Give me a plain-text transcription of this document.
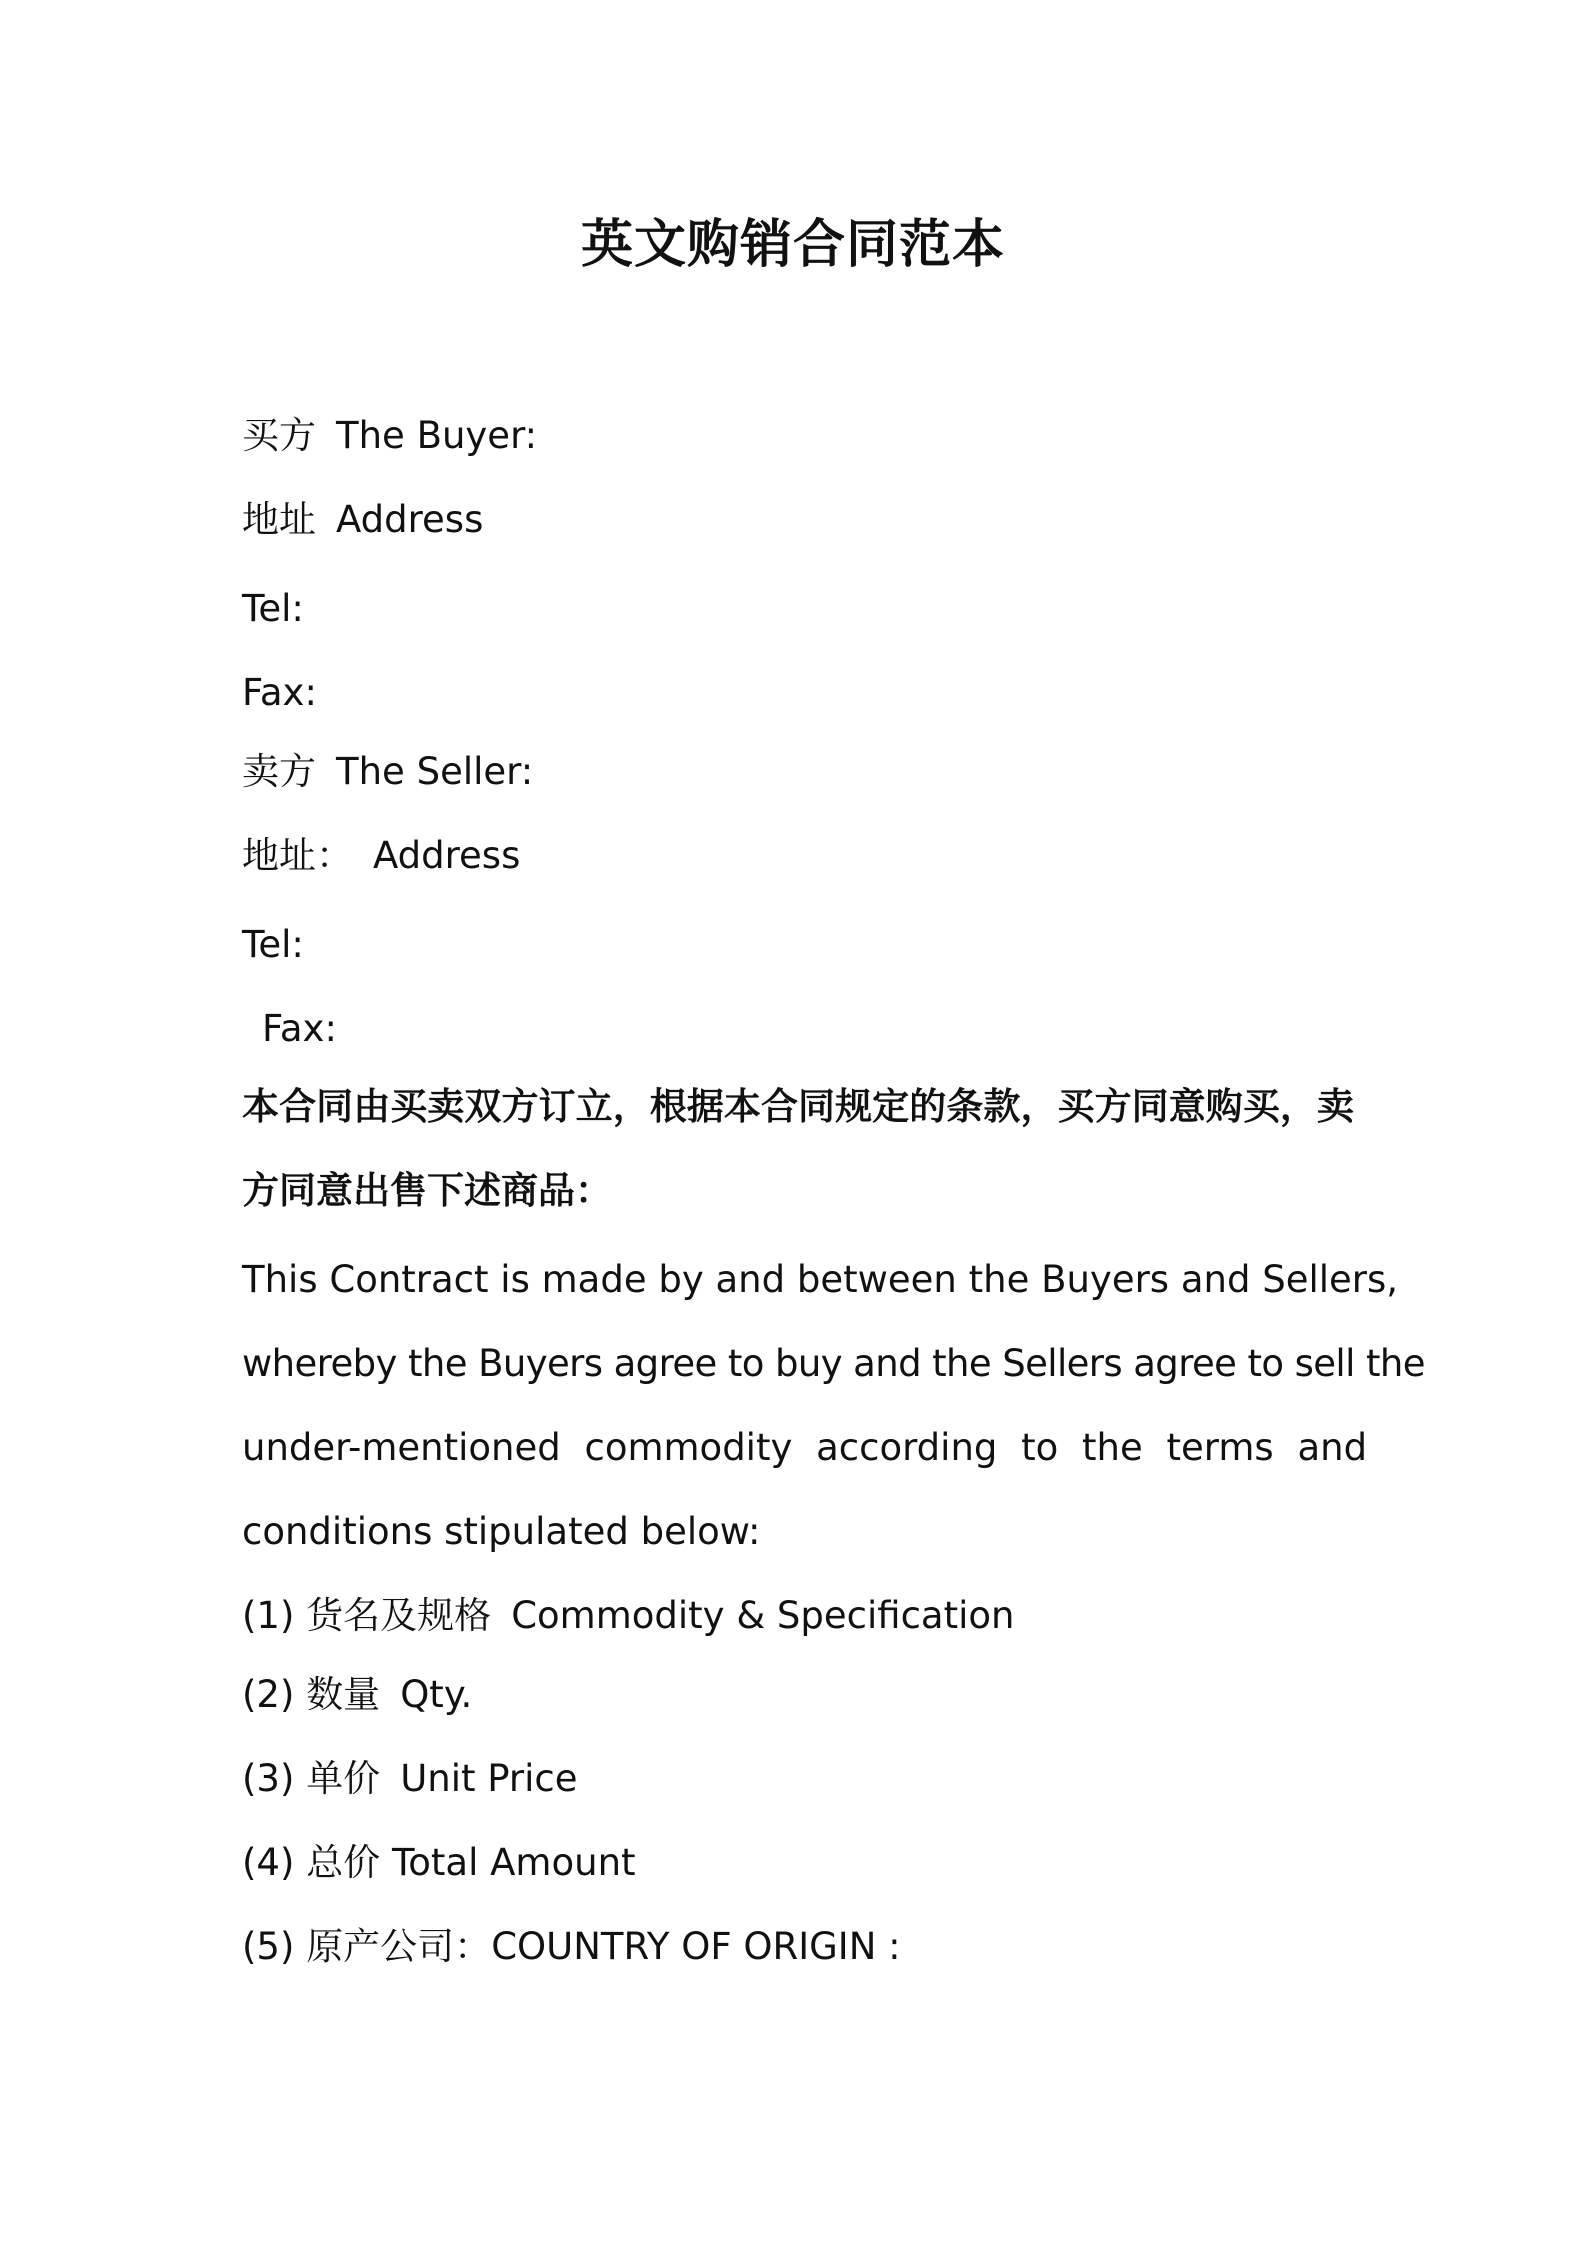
英文购销合同范本
买方 The Buyer:
地址 Address
Tel:
Fax:
卖方 The Seller:
地址： Address
Tel:
Fax:
本合同由买卖双方订立，根据本合同规定的条款，买方同意购买，卖
方同意出售下述商品：
This Contract is made by and between the Buyers and Sellers,
whereby the Buyers agree to buy and the Sellers agree to sell the
under-mentioned commodity according to the terms and
conditions stipulated below:
(1) 货名及规格 Commodity & Specification
(2) 数量 Qty.
(3) 单价 Unit Price
(4) 总价 Total Amount
(5) 原产公司：COUNTRY OF ORIGIN :
